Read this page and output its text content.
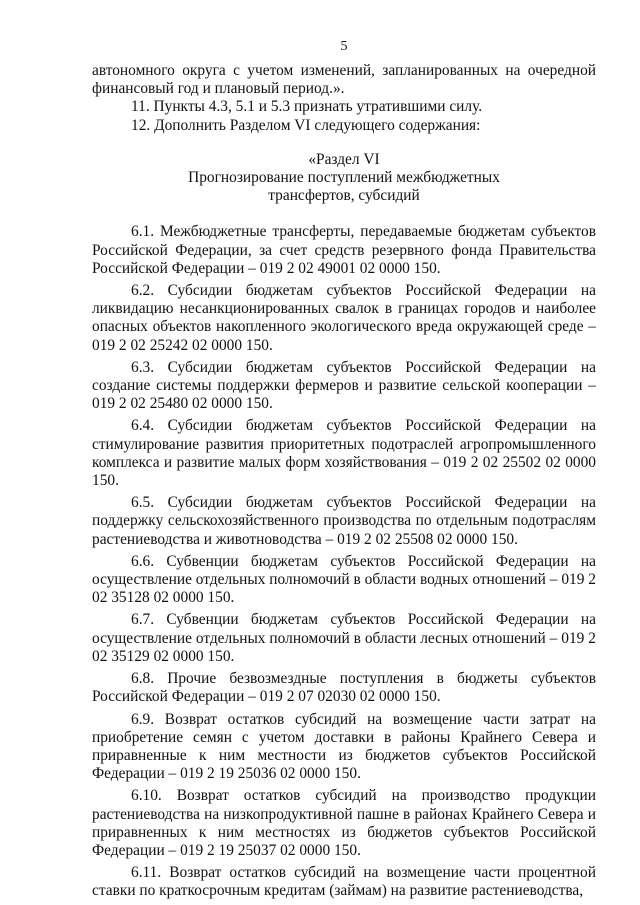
5

автономного округа с учетом изменений, запланированных на очередной финансовый год и плановый период.».

11. Пункты 4.3, 5.1 и 5.3 признать утратившими силу.

12. Дополнить Разделом VI следующего содержания:

«Раздел VI
Прогнозирование поступлений межбюджетных
трансфертов, субсидий

6.1. Межбюджетные трансферты, передаваемые бюджетам субъектов Российской Федерации, за счет средств резервного фонда Правительства Российской Федерации – 019 2 02 49001 02 0000 150.

6.2. Субсидии бюджетам субъектов Российской Федерации на ликвидацию несанкционированных свалок в границах городов и наиболее опасных объектов накопленного экологического вреда окружающей среде – 019 2 02 25242 02 0000 150.

6.3. Субсидии бюджетам субъектов Российской Федерации на создание системы поддержки фермеров и развитие сельской кооперации – 019 2 02 25480 02 0000 150.

6.4. Субсидии бюджетам субъектов Российской Федерации на стимулирование развития приоритетных подотраслей агропромышленного комплекса и развитие малых форм хозяйствования – 019 2 02 25502 02 0000 150.

6.5. Субсидии бюджетам субъектов Российской Федерации на поддержку сельскохозяйственного производства по отдельным подотраслям растениеводства и животноводства – 019 2 02 25508 02 0000 150.

6.6. Субвенции бюджетам субъектов Российской Федерации на осуществление отдельных полномочий в области водных отношений – 019 2 02 35128 02 0000 150.

6.7. Субвенции бюджетам субъектов Российской Федерации на осуществление отдельных полномочий в области лесных отношений – 019 2 02 35129 02 0000 150.

6.8. Прочие безвозмездные поступления в бюджеты субъектов Российской Федерации – 019 2 07 02030 02 0000 150.

6.9. Возврат остатков субсидий на возмещение части затрат на приобретение семян с учетом доставки в районы Крайнего Севера и приравненные к ним местности из бюджетов субъектов Российской Федерации – 019 2 19 25036 02 0000 150.

6.10. Возврат остатков субсидий на производство продукции растениеводства на низкопродуктивной пашне в районах Крайнего Севера и приравненных к ним местностях из бюджетов субъектов Российской Федерации – 019 2 19 25037 02 0000 150.

6.11. Возврат остатков субсидий на возмещение части процентной ставки по краткосрочным кредитам (займам) на развитие растениеводства,
